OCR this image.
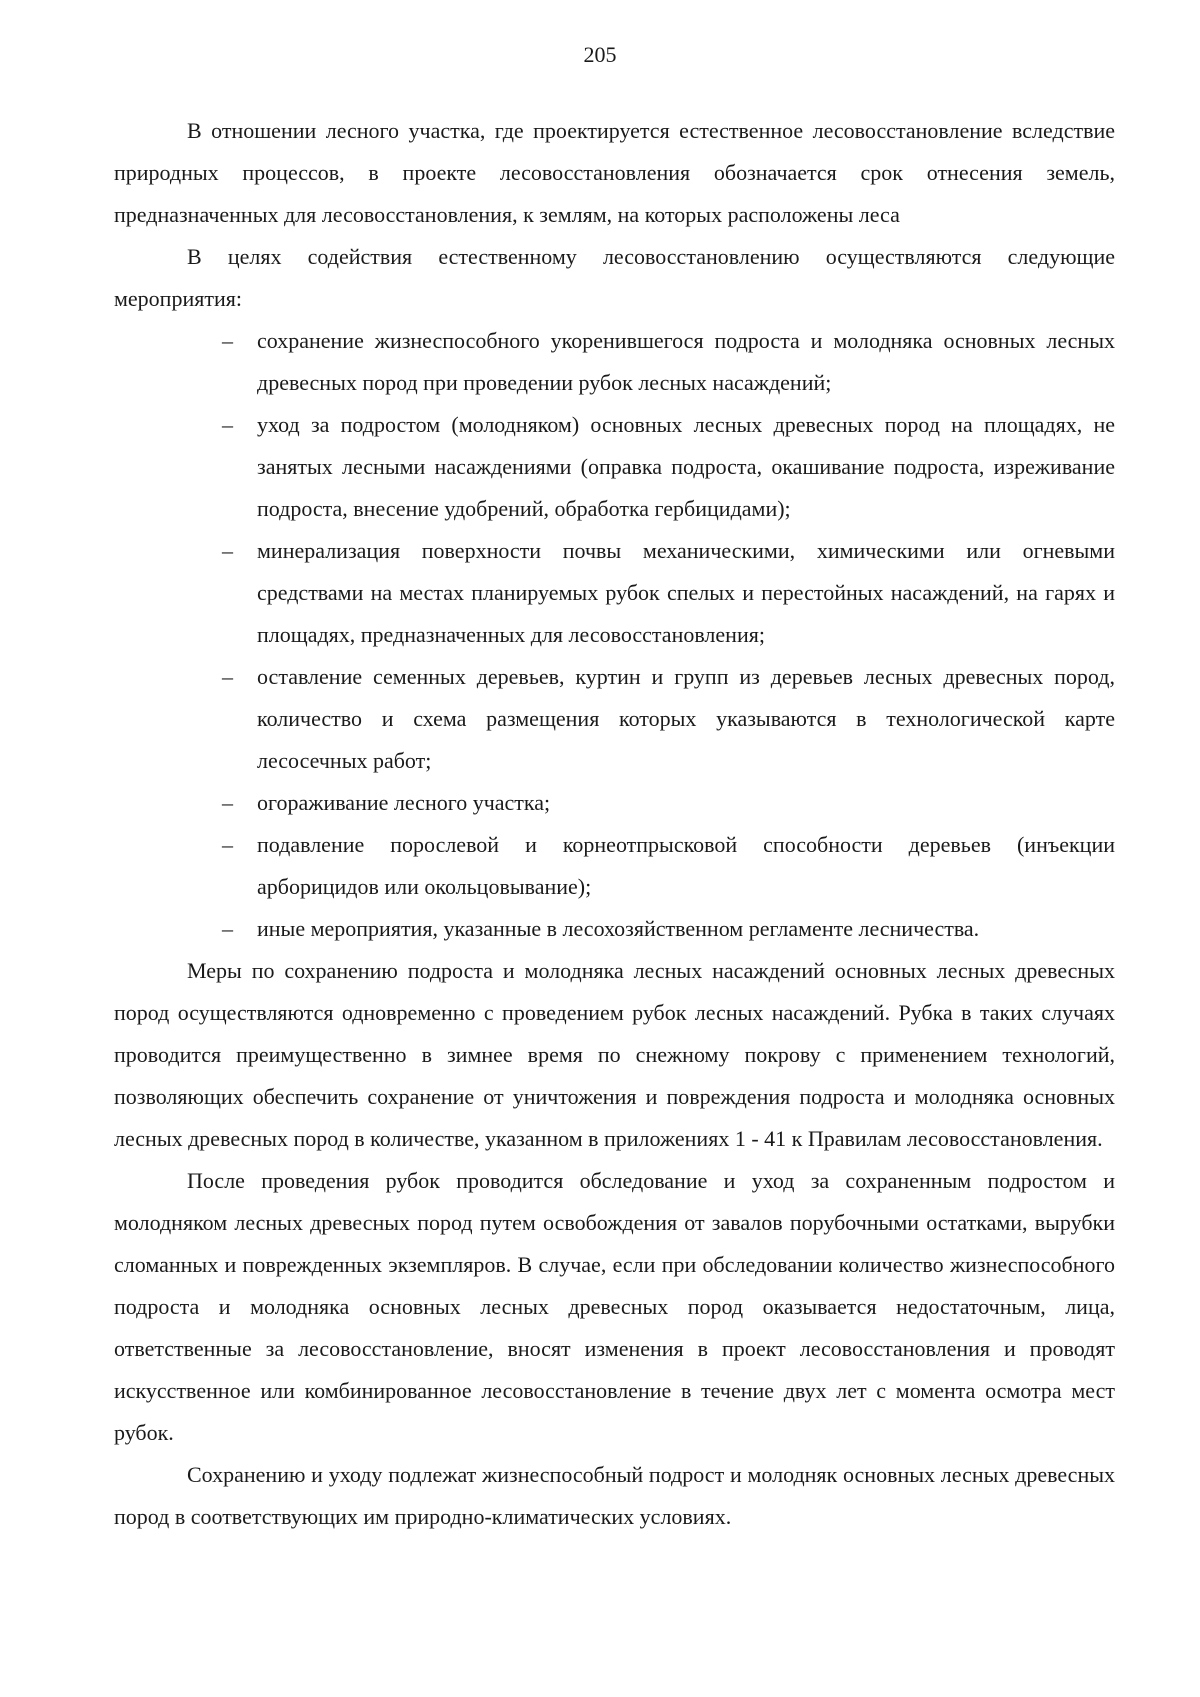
205

В отношении лесного участка, где проектируется естественное лесовосстановление вследствие природных процессов, в проекте лесовосстановления обозначается срок отнесения земель, предназначенных для лесовосстановления, к землям, на которых расположены леса

В целях содействия естественному лесовосстановлению осуществляются следующие мероприятия:

– сохранение жизнеспособного укоренившегося подроста и молодняка основных лесных древесных пород при проведении рубок лесных насаждений;
– уход за подростом (молодняком) основных лесных древесных пород на площадях, не занятых лесными насаждениями (оправка подроста, окашивание подроста, изреживание подроста, внесение удобрений, обработка гербицидами);
– минерализация поверхности почвы механическими, химическими или огневыми средствами на местах планируемых рубок спелых и перестойных насаждений, на гарях и площадях, предназначенных для лесовосстановления;
– оставление семенных деревьев, куртин и групп из деревьев лесных древесных пород, количество и схема размещения которых указываются в технологической карте лесосечных работ;
– огораживание лесного участка;
– подавление порослевой и корнеотпрысковой способности деревьев (инъекции арборицидов или окольцовывание);
– иные мероприятия, указанные в лесохозяйственном регламенте лесничества.

Меры по сохранению подроста и молодняка лесных насаждений основных лесных древесных пород осуществляются одновременно с проведением рубок лесных насаждений. Рубка в таких случаях проводится преимущественно в зимнее время по снежному покрову с применением технологий, позволяющих обеспечить сохранение от уничтожения и повреждения подроста и молодняка основных лесных древесных пород в количестве, указанном в приложениях 1 - 41 к Правилам лесовосстановления.

После проведения рубок проводится обследование и уход за сохраненным подростом и молодняком лесных древесных пород путем освобождения от завалов порубочными остатками, вырубки сломанных и поврежденных экземпляров. В случае, если при обследовании количество жизнеспособного подроста и молодняка основных лесных древесных пород оказывается недостаточным, лица, ответственные за лесовосстановление, вносят изменения в проект лесовосстановления и проводят искусственное или комбинированное лесовосстановление в течение двух лет с момента осмотра мест рубок.

Сохранению и уходу подлежат жизнеспособный подрост и молодняк основных лесных древесных пород в соответствующих им природно-климатических условиях.
